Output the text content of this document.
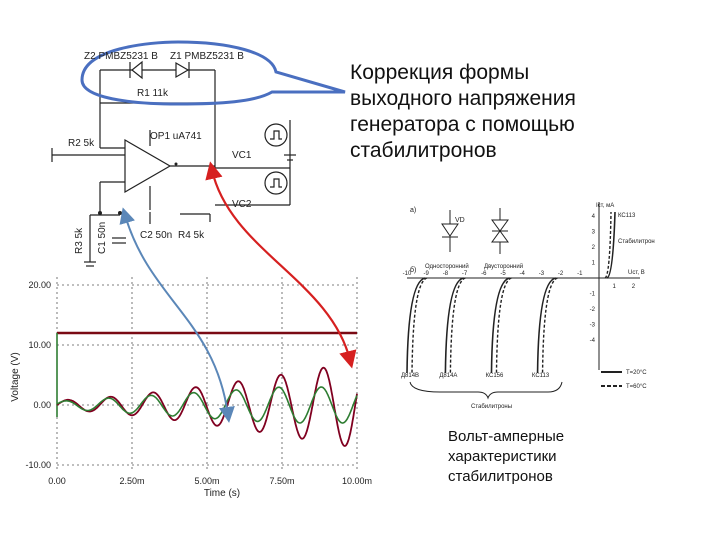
Z2 PMBZ5231 B Z1 PMBZ5231 B
R1 11k
R2 5k
OP1 uA741
VC1
VC2
R3 5k C1 50n	C2 50n R4 5k
20.00
10.00
0.00
-10.00
0.00	2.50m	5.00m	7.50m	10.00m
Voltage (V)
Time (s)
а)
б)
VD
Односторонний	Двусторонний
Iст, мА
Uст, В
КС113
Стабилитрон
-10 -9 -8 -7 -6 -5 -4 -3 -2 -1
1	2
4
3
2
1
-1
-2
-3
-4
Д814В	Д814А	КС156	КС113
Стабилитроны
T=20°C
T=60°C
Коррекция формы
выходного напряжения
генератора с помощью
стабилитронов
Вольт-амперные
характеристики
стабилитронов
